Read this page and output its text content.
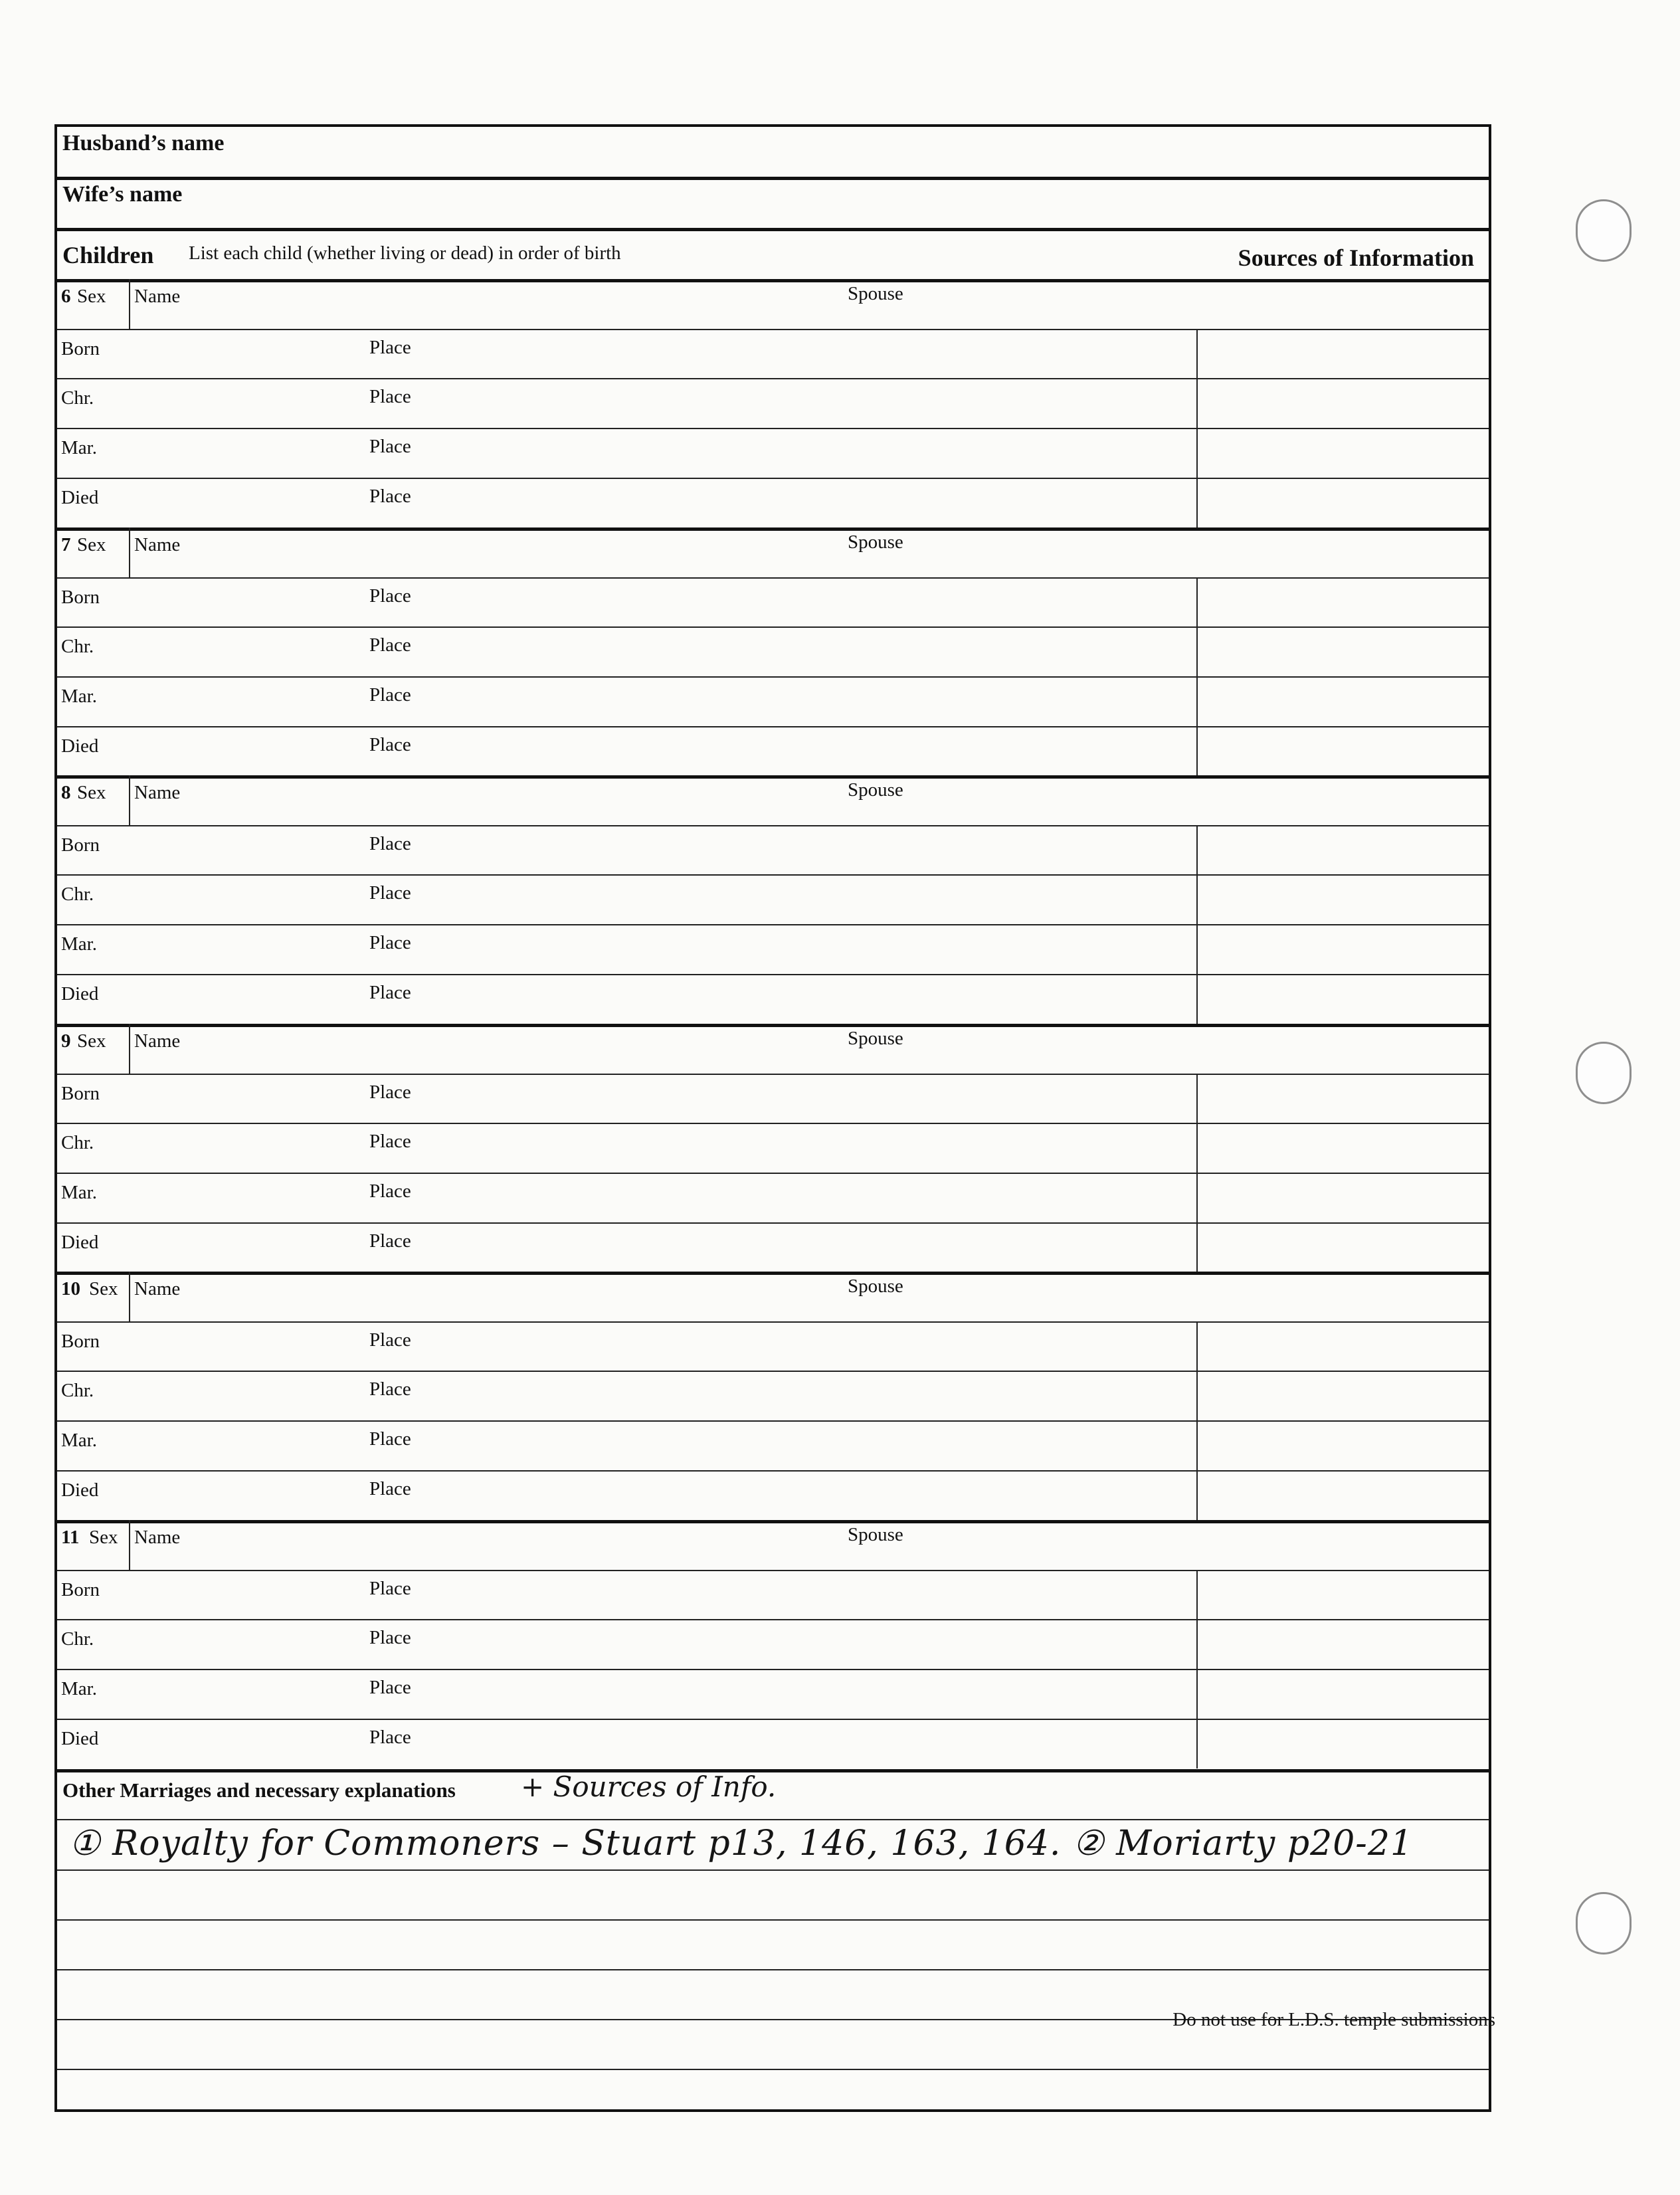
Husband’s name
Wife’s name
Children List each child (whether living or dead) in order of birth	Sources of Information
6 Sex Name	Spouse
Born	Place
Chr.	Place
Mar.	Place
Died	Place
7 Sex Name	Spouse
Born	Place
Chr.	Place
Mar.	Place
Died	Place
8 Sex Name	Spouse
Born	Place
Chr.	Place
Mar.	Place
Died	Place
9 Sex Name	Spouse
Born	Place
Chr.	Place
Mar.	Place
Died	Place
10 Sex Name	Spouse
Born	Place
Chr.	Place
Mar.	Place
Died	Place
11 Sex Name	Spouse
Born	Place
Chr.	Place
Mar.	Place
Died	Place
Other Marriages and necessary explanations + Sources of Info.
① Royalty for Commoners – Stuart p13, 146, 163, 164. ② Moriarty p20-21
Do not use for L.D.S. temple submissions
